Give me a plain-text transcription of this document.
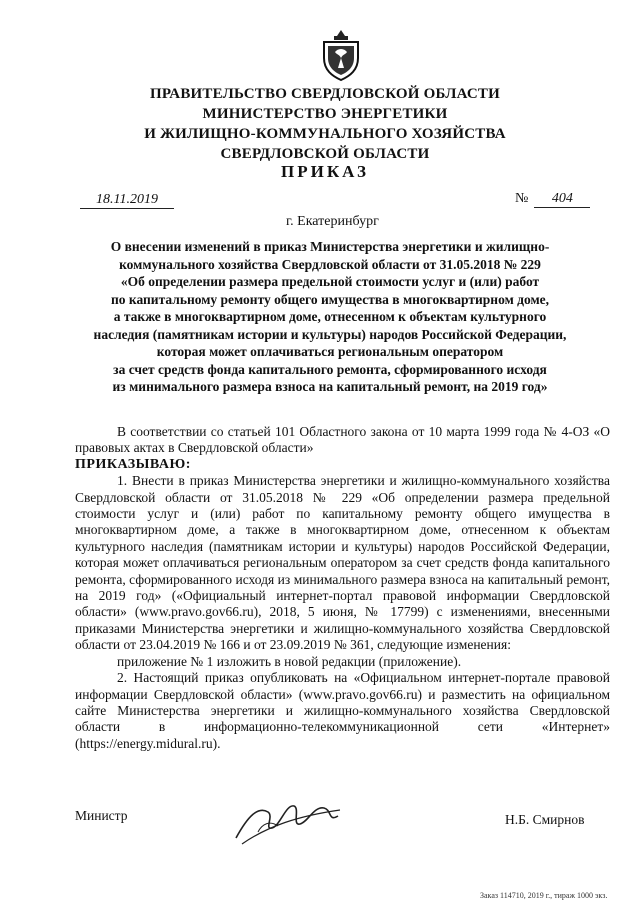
ПРАВИТЕЛЬСТВО СВЕРДЛОВСКОЙ ОБЛАСТИ
МИНИСТЕРСТВО ЭНЕРГЕТИКИ
И ЖИЛИЩНО-КОММУНАЛЬНОГО ХОЗЯЙСТВА
СВЕРДЛОВСКОЙ ОБЛАСТИ
ПРИКАЗ
18.11.2019	№ 404
г. Екатеринбург
О внесении изменений в приказ Министерства энергетики и жилищно-
коммунального хозяйства Свердловской области от 31.05.2018 № 229
«Об определении размера предельной стоимости услуг и (или) работ
по капитальному ремонту общего имущества в многоквартирном доме,
а также в многоквартирном доме, отнесенном к объектам культурного
наследия (памятникам истории и культуры) народов Российской Федерации,
которая может оплачиваться региональным оператором
за счет средств фонда капитального ремонта, сформированного исходя
из минимального размера взноса на капитальный ремонт, на 2019 год»

В соответствии со статьей 101 Областного закона от 10 марта 1999 года № 4-ОЗ «О правовых актах в Свердловской области»

ПРИКАЗЫВАЮ:

1. Внести в приказ Министерства энергетики и жилищно-коммунального хозяйства Свердловской области от 31.05.2018 № 229 «Об определении размера предельной стоимости услуг и (или) работ по капитальному ремонту общего имущества в многоквартирном доме, а также в многоквартирном доме, отнесенном к объектам культурного наследия (памятникам истории и культуры) народов Российской Федерации, которая может оплачиваться региональным оператором за счет средств фонда капитального ремонта, сформированного исходя из минимального размера взноса на капитальный ремонт, на 2019 год» («Официальный интернет-портал правовой информации Свердловской области» (www.pravo.gov66.ru), 2018, 5 июня, № 17799) с изменениями, внесенными приказами Министерства энергетики и жилищно-коммунального хозяйства Свердловской области от 23.04.2019 № 166 и от 23.09.2019 № 361, следующие изменения:

приложение № 1 изложить в новой редакции (приложение).

2. Настоящий приказ опубликовать на «Официальном интернет-портале правовой информации Свердловской области» (www.pravo.gov66.ru) и разместить на официальном сайте Министерства энергетики и жилищно-коммунального хозяйства Свердловской области в информационно-телекоммуникационной сети «Интернет» (https://energy.midural.ru).

Министр	Н.Б. Смирнов
Заказ 114710, 2019 г., тираж 1000 экз.
